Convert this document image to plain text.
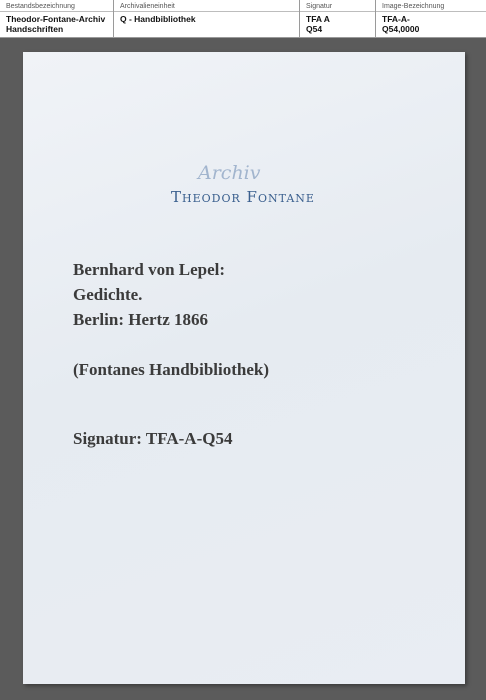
Bestandsbezeichnung
Theodor-Fontane-Archiv
Handschriften
Archivalieneinheit
Q - Handbibliothek
Signatur
TFA A
Q54
Image-Bezeichnung
TFA-A-
Q54,0000
Archiv
Theodor Fontane
Bernhard von Lepel:
Gedichte.
Berlin: Hertz 1866
(Fontanes Handbibliothek)
Signatur: TFA-A-Q54
